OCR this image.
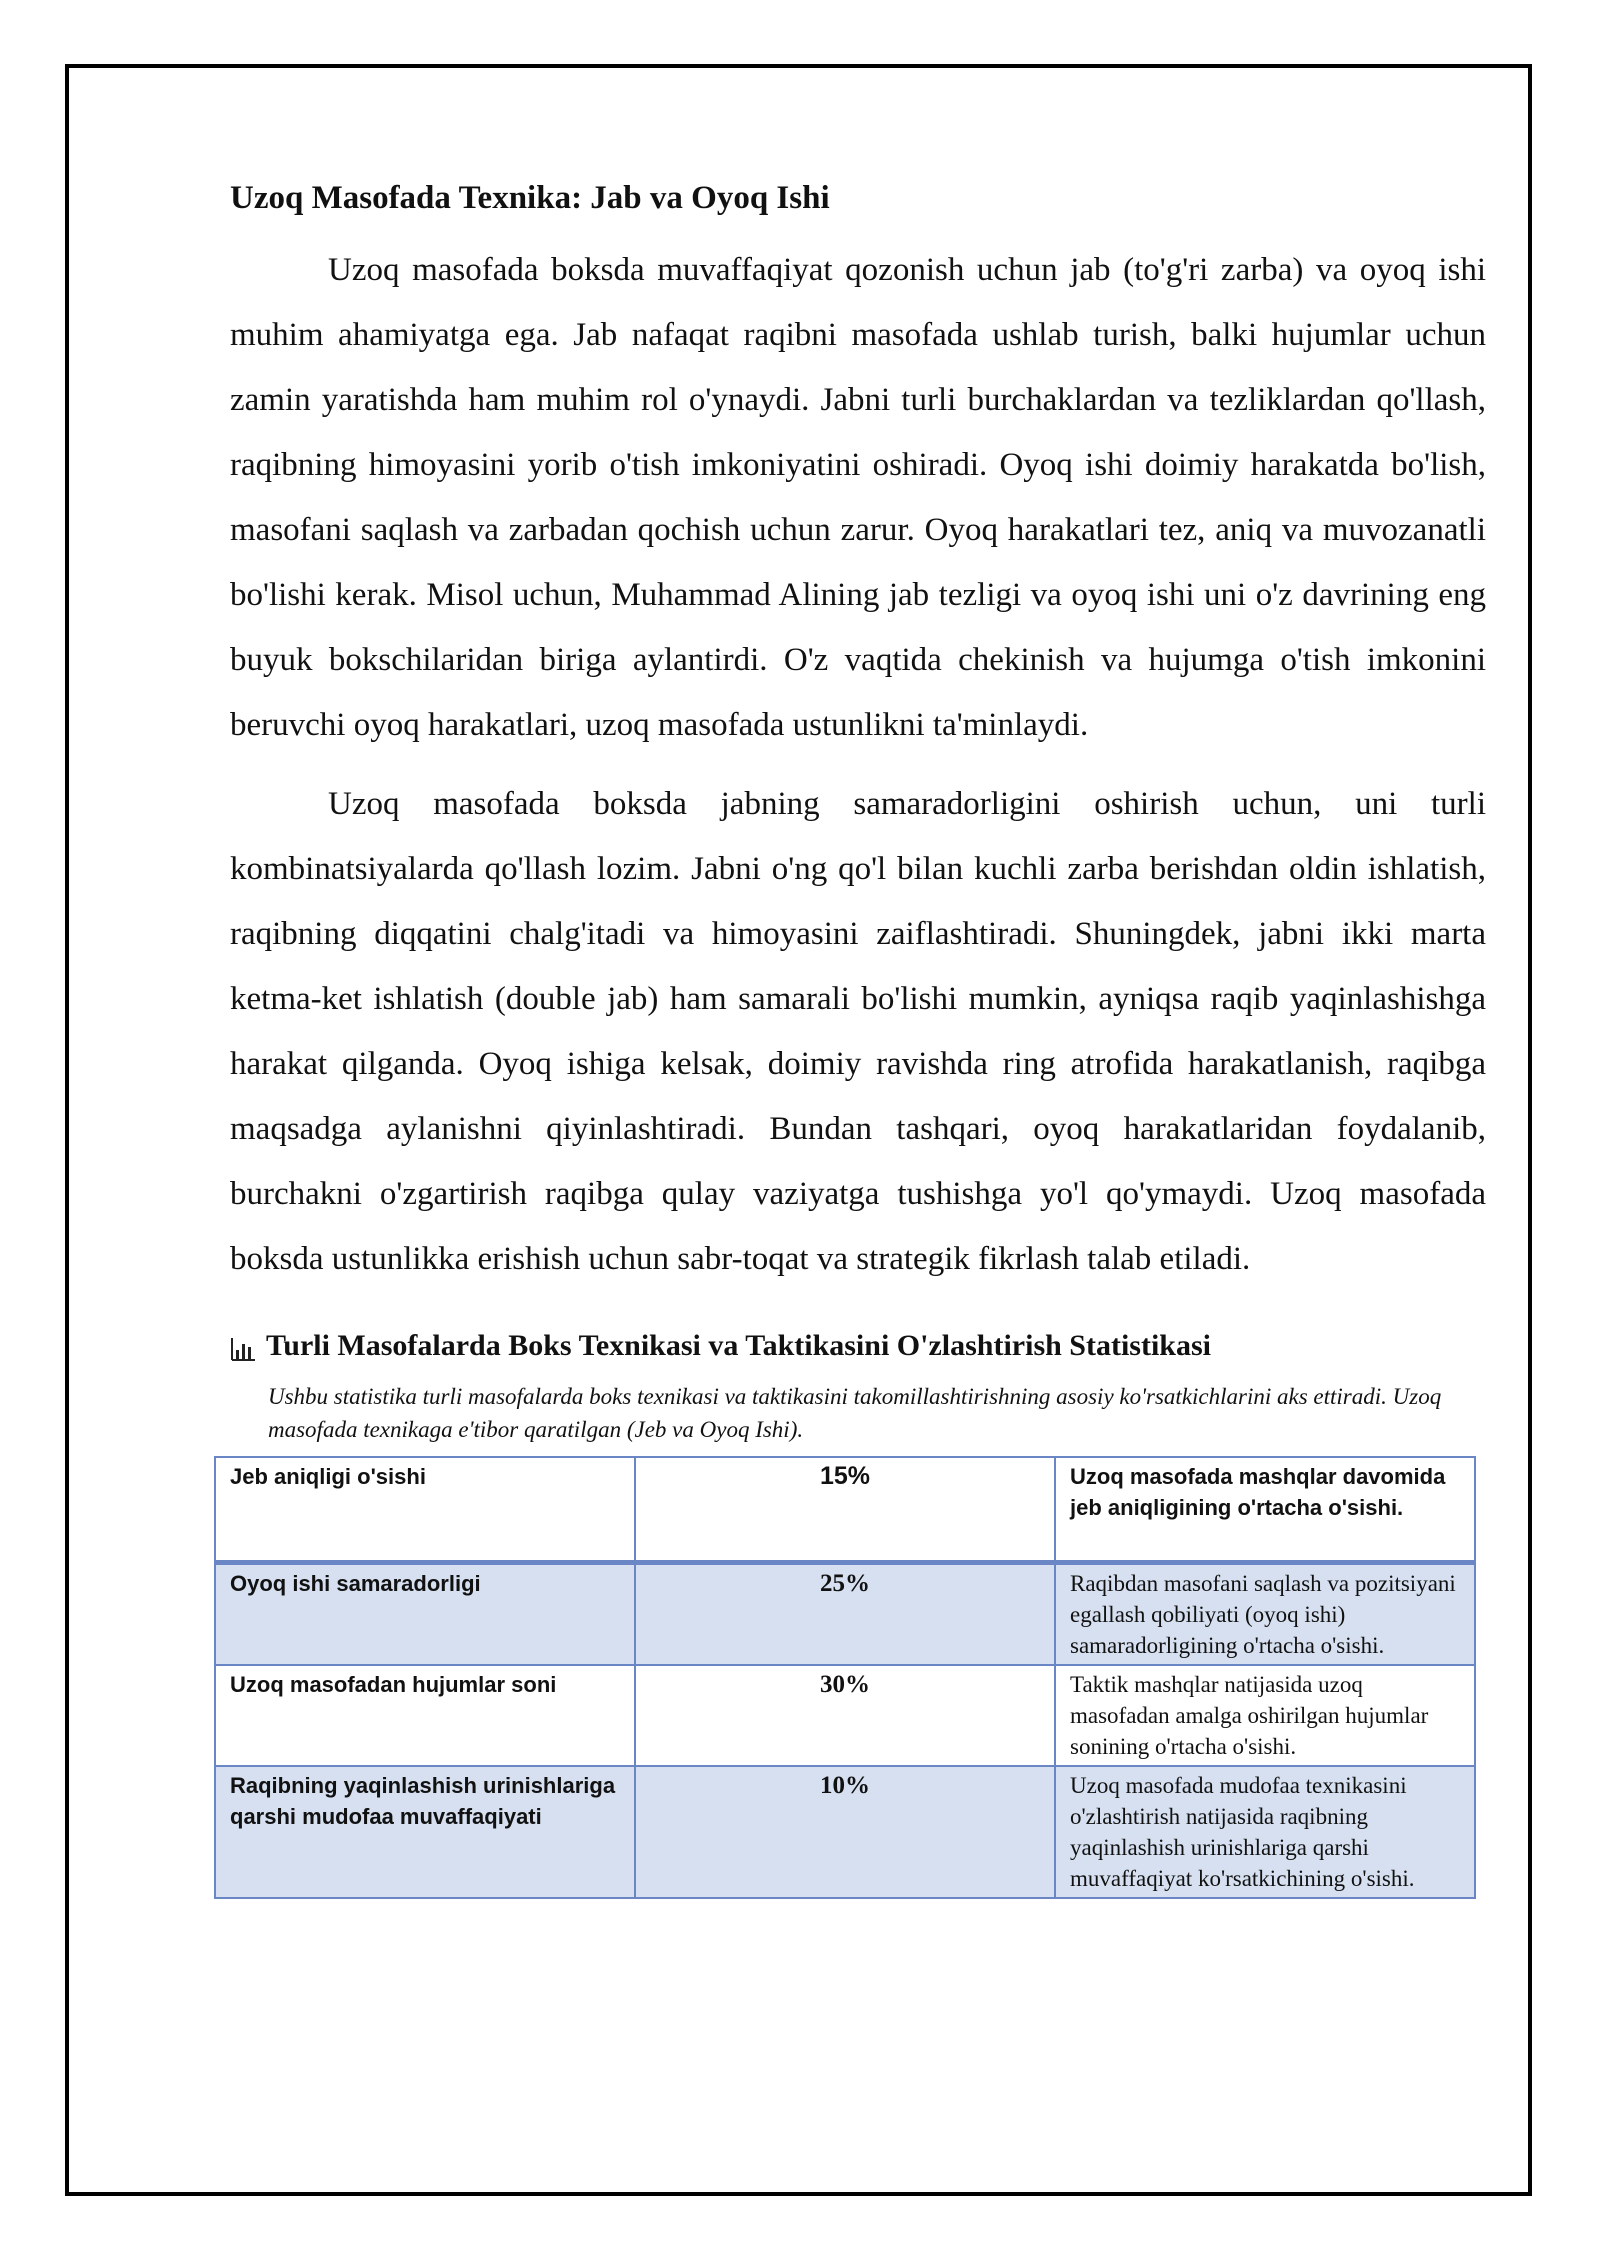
Uzoq Masofada Texnika: Jab va Oyoq Ishi

Uzoq masofada boksda muvaffaqiyat qozonish uchun jab (to'g'ri zarba) va oyoq ishi muhim ahamiyatga ega. Jab nafaqat raqibni masofada ushlab turish, balki hujumlar uchun zamin yaratishda ham muhim rol o'ynaydi. Jabni turli burchaklardan va tezliklardan qo'llash, raqibning himoyasini yorib o'tish imkoniyatini oshiradi. Oyoq ishi doimiy harakatda bo'lish, masofani saqlash va zarbadan qochish uchun zarur. Oyoq harakatlari tez, aniq va muvozanatli bo'lishi kerak. Misol uchun, Muhammad Alining jab tezligi va oyoq ishi uni o'z davrining eng buyuk bokschilaridan biriga aylantirdi. O'z vaqtida chekinish va hujumga o'tish imkonini beruvchi oyoq harakatlari, uzoq masofada ustunlikni ta'minlaydi.

Uzoq masofada boksda jabning samaradorligini oshirish uchun, uni turli kombinatsiyalarda qo'llash lozim. Jabni o'ng qo'l bilan kuchli zarba berishdan oldin ishlatish, raqibning diqqatini chalg'itadi va himoyasini zaiflashtiradi. Shuningdek, jabni ikki marta ketma-ket ishlatish (double jab) ham samarali bo'lishi mumkin, ayniqsa raqib yaqinlashishga harakat qilganda. Oyoq ishiga kelsak, doimiy ravishda ring atrofida harakatlanish, raqibga maqsadga aylanishni qiyinlashtiradi. Bundan tashqari, oyoq harakatlaridan foydalanib, burchakni o'zgartirish raqibga qulay vaziyatga tushishga yo'l qo'ymaydi. Uzoq masofada boksda ustunlikka erishish uchun sabr-toqat va strategik fikrlash talab etiladi.

Turli Masofalarda Boks Texnikasi va Taktikasini O'zlashtirish Statistikasi
Ushbu statistika turli masofalarda boks texnikasi va taktikasini takomillashtirishning asosiy ko'rsatkichlarini aks ettiradi. Uzoq masofada texnikaga e'tibor qaratilgan (Jeb va Oyoq Ishi).
Jeb aniqligi o'sishi	15%	Uzoq masofada mashqlar davomida jeb aniqligining o'rtacha o'sishi.
Oyoq ishi samaradorligi	25%	Raqibdan masofani saqlash va pozitsiyani egallash qobiliyati (oyoq ishi) samaradorligining o'rtacha o'sishi.
Uzoq masofadan hujumlar soni	30%	Taktik mashqlar natijasida uzoq masofadan amalga oshirilgan hujumlar sonining o'rtacha o'sishi.
Raqibning yaqinlashish urinishlariga qarshi mudofaa muvaffaqiyati	10%	Uzoq masofada mudofaa texnikasini o'zlashtirish natijasida raqibning yaqinlashish urinishlariga qarshi muvaffaqiyat ko'rsatkichining o'sishi.
